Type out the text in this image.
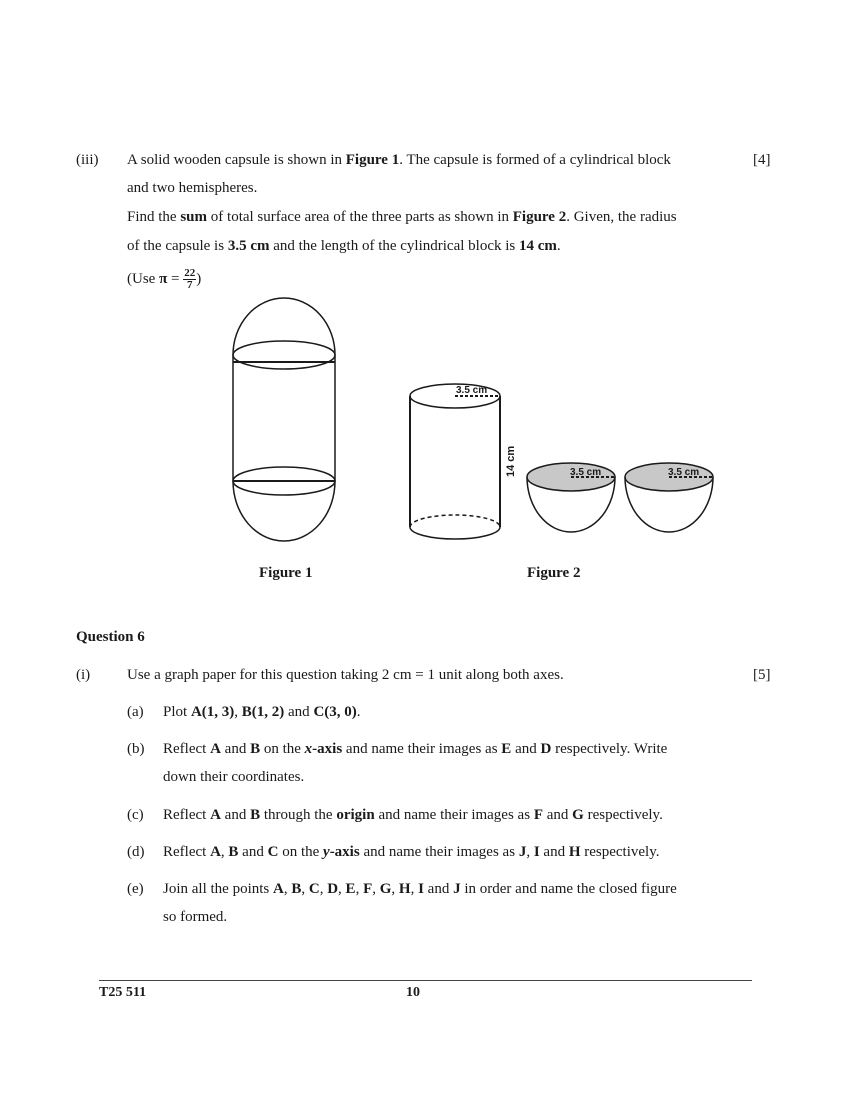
(iii)	[4]
A solid wooden capsule is shown in Figure 1. The capsule is formed of a cylindrical block
and two hemispheres.
Find the sum of total surface area of the three parts as shown in Figure 2. Given, the radius
of the capsule is 3.5 cm and the length of the cylindrical block is 14 cm.
(Use $\pi = \frac{22}{7}$ )
3.5 cm
14 cm	3.5 cm	3.5 cm
Figure 1	Figure 2
Question 6
(i) Use a graph paper for this question taking 2 cm = 1 unit along both axes.	[5]
(a) Plot A(1, 3), B(1, 2) and C(3, 0).
(b) Reflect A and B on the x-axis and name their images as E and D respectively. Write
down their coordinates.
(c) Reflect A and B through the origin and name their images as F and G respectively.
(d) Reflect A, B and C on the y-axis and name their images as J, I and H respectively.
(e) Join all the points A, B, C, D, E, F, G, H, I and J in order and name the closed figure
so formed.
T25 511	10
